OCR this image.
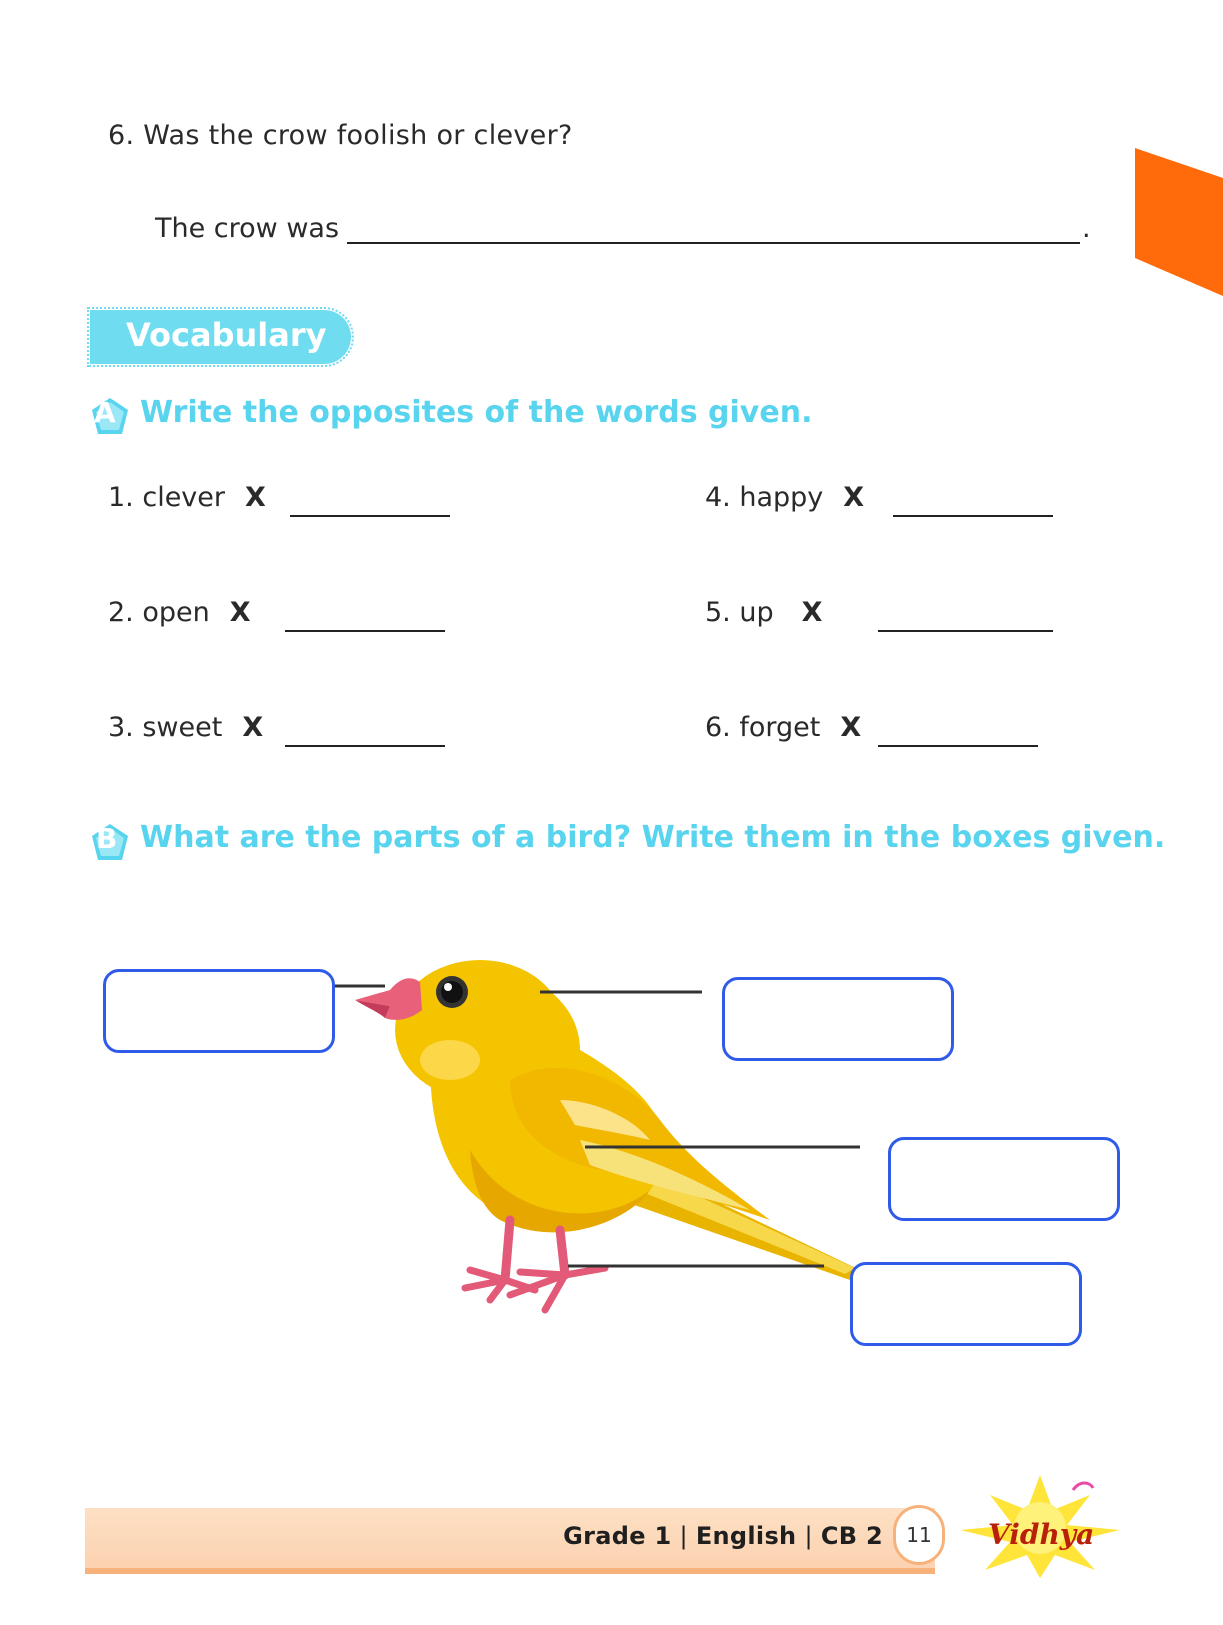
6. Was the crow foolish or clever?
The crow was	.
Vocabulary
A Write the opposites of the words given.
1. clever X
2. open X
3. sweet X
4. happy X
5. up X
6. forget X
B What are the parts of a bird? Write them in the boxes given.
Grade 1 | English | CB 2	11	Vidhya
